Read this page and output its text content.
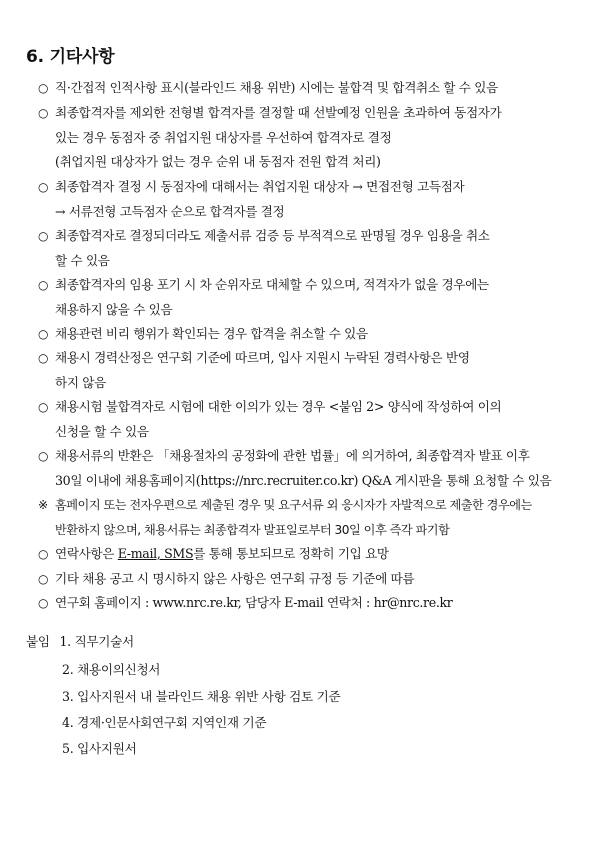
6. 기타사항
○ 직·간접적 인적사항 표시(블라인드 채용 위반) 시에는 불합격 및 합격취소 할 수 있음
○ 최종합격자를 제외한 전형별 합격자를 결정할 때 선발예정 인원을 초과하여 동점자가
있는 경우 동점자 중 취업지원 대상자를 우선하여 합격자로 결정
(취업지원 대상자가 없는 경우 순위 내 동점자 전원 합격 처리)
○ 최종합격자 결정 시 동점자에 대해서는 취업지원 대상자 → 면접전형 고득점자
→ 서류전형 고득점자 순으로 합격자를 결정
○ 최종합격자로 결정되더라도 제출서류 검증 등 부적격으로 판명될 경우 임용을 취소
할 수 있음
○ 최종합격자의 임용 포기 시 차 순위자로 대체할 수 있으며, 적격자가 없을 경우에는
채용하지 않을 수 있음
○ 채용관련 비리 행위가 확인되는 경우 합격을 취소할 수 있음
○ 채용시 경력산정은 연구회 기준에 따르며, 입사 지원시 누락된 경력사항은 반영
하지 않음
○ 채용시험 불합격자로 시험에 대한 이의가 있는 경우 <붙임 2> 양식에 작성하여 이의
신청을 할 수 있음
○ 채용서류의 반환은 「채용절차의 공정화에 관한 법률」에 의거하여, 최종합격자 발표 이후
30일 이내에 채용홈페이지(https://nrc.recruiter.co.kr) Q&A 게시판을 통해 요청할 수 있음
※ 홈페이지 또는 전자우편으로 제출된 경우 및 요구서류 외 응시자가 자발적으로 제출한 경우에는
반환하지 않으며, 채용서류는 최종합격자 발표일로부터 30일 이후 즉각 파기함
○ 연락사항은 E-mail, SMS를 통해 통보되므로 정확히 기입 요망
○ 기타 채용 공고 시 명시하지 않은 사항은 연구회 규정 등 기준에 따름
○ 연구회 홈페이지 : www.nrc.re.kr, 담당자 E-mail 연락처 : hr@nrc.re.kr
붙임 1. 직무기술서
2. 채용이의신청서
3. 입사지원서 내 블라인드 채용 위반 사항 검토 기준
4. 경제·인문사회연구회 지역인재 기준
5. 입사지원서
